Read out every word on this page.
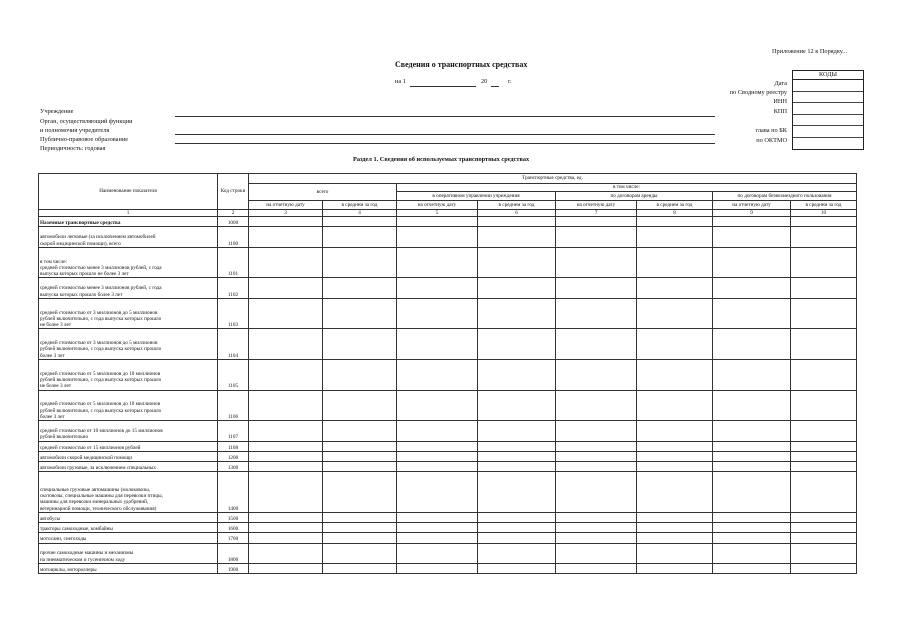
Приложение 12 к Порядку...
Сведения о транспортных средствах
на 1	20	г.
КОДЫ
Дата
по Сводному реестру
ИНН
КПП
глава по БК
по ОКТМО
Учреждение
Орган, осуществляющий функции
и полномочия учредителя
Публично-правовое образование
Периодичность: годовая
Раздел 1. Сведения об используемых транспортных средствах
Наименование показателя	Код строки	Транспортные средства, ед.							
		всего		в том числе:					
				в оперативном управлении учреждения		по договорам аренды		по договорам безвозмездного пользования	
		на отчетную дату	в среднем за год	на отчетную дату	в среднем за год	на отчетную дату	в среднем за год	на отчетную дату	в среднем за год
1	2	3	4	5	6	7	8	9	10

Наземные транспортные средства	1000								

автомобили легковые (за исключением автомобилей
скорой медицинской помощи), всего	1100								

в том числе:
средней стоимостью менее 3 миллионов рублей, с года
выпуска которых прошло не более 3 лет	1101								

средней стоимостью менее 3 миллионов рублей, с года
выпуска которых прошло более 3 лет	1102								

средней стоимостью от 3 миллионов до 5 миллионов
рублей включительно, с года выпуска которых прошло
не более 3 лет	1103								

средней стоимостью от 3 миллионов до 5 миллионов
рублей включительно, с года выпуска которых прошло
более 3 лет	1104								

средней стоимостью от 5 миллионов до 10 миллионов
рублей включительно, с года выпуска которых прошло
не более 3 лет	1105								

средней стоимостью от 5 миллионов до 10 миллионов
рублей включительно, с года выпуска которых прошло
более 3 лет	1106								

средней стоимостью от 10 миллионов до 15 миллионов
рублей включительно	1107								

средней стоимостью от 15 миллионов рублей	1108								

автомобили скорой медицинской помощи	1200								

автомобили грузовые, за исключением специальных	1300								

специальные грузовые автомашины (молоковозы,
скотовозы, специальные машины для перевозки птицы,
машины для перевозки минеральных удобрений,
ветеринарной помощи, технического обслуживания)	1400								

автобусы	1500								

тракторы самоходные, комбайны	1600								

мотосани, снегоходы	1700								

прочие самоходные машины и механизмы
на пневматическом и гусеничном ходу	1800								

мотоциклы, мотороллеры	1900								
